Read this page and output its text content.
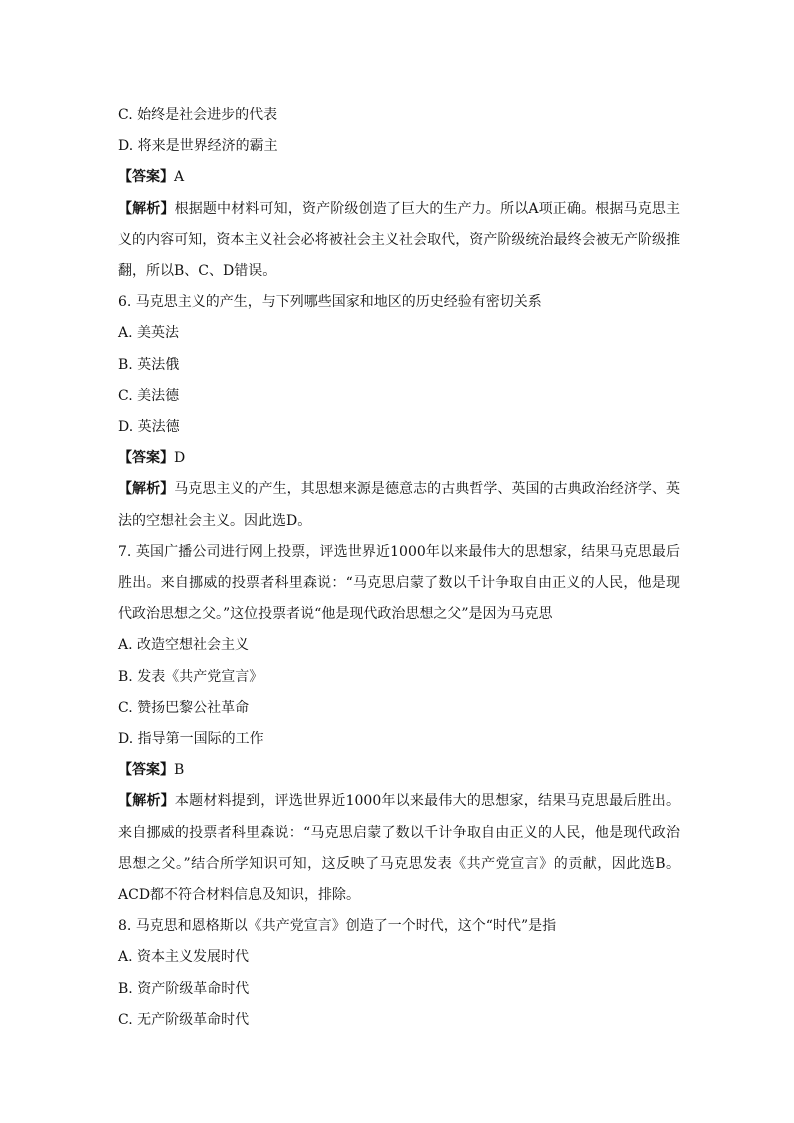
C. 始终是社会进步的代表
D. 将来是世界经济的霸主
【答案】A
【解析】根据题中材料可知，资产阶级创造了巨大的生产力。所以A项正确。根据马克思主义的内容可知，资本主义社会必将被社会主义社会取代，资产阶级统治最终会被无产阶级推翻，所以B、C、D错误。
6. 马克思主义的产生，与下列哪些国家和地区的历史经验有密切关系
A. 美英法
B. 英法俄
C. 美法德
D. 英法德
【答案】D
【解析】马克思主义的产生，其思想来源是德意志的古典哲学、英国的古典政治经济学、英法的空想社会主义。因此选D。
7. 英国广播公司进行网上投票，评选世界近1000年以来最伟大的思想家，结果马克思最后胜出。来自挪威的投票者科里森说：“马克思启蒙了数以千计争取自由正义的人民，他是现代政治思想之父。”这位投票者说“他是现代政治思想之父”是因为马克思
A. 改造空想社会主义
B. 发表《共产党宣言》
C. 赞扬巴黎公社革命
D. 指导第一国际的工作
【答案】B
【解析】本题材料提到，评选世界近1000年以来最伟大的思想家，结果马克思最后胜出。来自挪威的投票者科里森说：“马克思启蒙了数以千计争取自由正义的人民，他是现代政治思想之父。”结合所学知识可知，这反映了马克思发表《共产党宣言》的贡献，因此选B。ACD都不符合材料信息及知识，排除。
8. 马克思和恩格斯以《共产党宣言》创造了一个时代，这个“时代”是指
A. 资本主义发展时代
B. 资产阶级革命时代
C. 无产阶级革命时代
